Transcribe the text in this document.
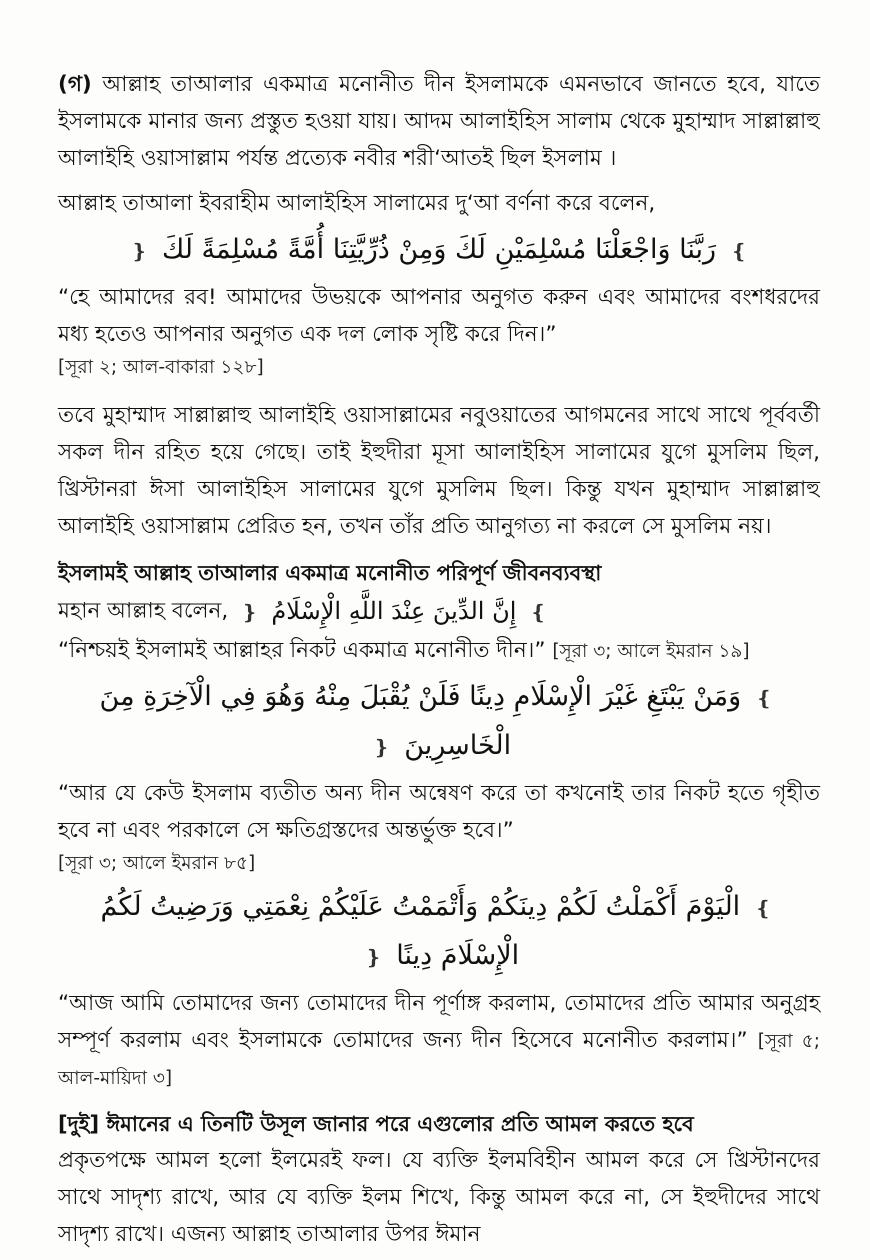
(গ) আল্লাহ তাআলার একমাত্র মনোনীত দীন ইসলামকে এমনভাবে জানতে হবে, যাতে ইসলামকে মানার জন্য প্রস্তুত হওয়া যায়। আদম আলাইহিস সালাম থেকে মুহাম্মাদ সাল্লাল্লাহু আলাইহি ওয়াসাল্লাম পর্যন্ত প্রত্যেক নবীর শরী‘আতই ছিল ইসলাম ।

আল্লাহ তাআলা ইবরাহীম আলাইহিস সালামের দু‘আ বর্ণনা করে বলেন,

❵ رَبَّنَا وَاجْعَلْنَا مُسْلِمَيْنِ لَكَ وَمِنْ ذُرِّيَّتِنَا أُمَّةً مُسْلِمَةً لَكَ ❴

“হে আমাদের রব! আমাদের উভয়কে আপনার অনুগত করুন এবং আমাদের বংশধরদের মধ্য হতেও আপনার অনুগত এক দল লোক সৃষ্টি করে দিন।”

[সূরা ২; আল-বাকারা ১২৮]

তবে মুহাম্মাদ সাল্লাল্লাহু আলাইহি ওয়াসাল্লামের নবুওয়াতের আগমনের সাথে সাথে পূর্ববর্তী সকল দীন রহিত হয়ে গেছে। তাই ইহুদীরা মূসা আলাইহিস সালামের যুগে মুসলিম ছিল, খ্রিস্টানরা ঈসা আলাইহিস সালামের যুগে মুসলিম ছিল। কিন্তু যখন মুহাম্মাদ সাল্লাল্লাহু আলাইহি ওয়াসাল্লাম প্রেরিত হন, তখন তাঁর প্রতি আনুগত্য না করলে সে মুসলিম নয়।

ইসলামই আল্লাহ তাআলার একমাত্র মনোনীত পরিপূর্ণ জীবনব্যবস্থা

মহান আল্লাহ বলেন,	❵ إِنَّ الدِّينَ عِنْدَ اللَّهِ الْإِسْلَامُ ❴

“নিশ্চয়ই ইসলামই আল্লাহর নিকট একমাত্র মনোনীত দীন।” [সূরা ৩; আলে ইমরান ১৯]

❵ وَمَنْ يَبْتَغِ غَيْرَ الْإِسْلَامِ دِينًا فَلَنْ يُقْبَلَ مِنْهُ وَهُوَ فِي الْآخِرَةِ مِنَ الْخَاسِرِينَ ❴

“আর যে কেউ ইসলাম ব্যতীত অন্য দীন অন্বেষণ করে তা কখনোই তার নিকট হতে গৃহীত হবে না এবং পরকালে সে ক্ষতিগ্রস্তদের অন্তর্ভুক্ত হবে।”

[সূরা ৩; আলে ইমরান ৮৫]

❵ الْيَوْمَ أَكْمَلْتُ لَكُمْ دِينَكُمْ وَأَتْمَمْتُ عَلَيْكُمْ نِعْمَتِي وَرَضِيتُ لَكُمُ الْإِسْلَامَ دِينًا ❴

“আজ আমি তোমাদের জন্য তোমাদের দীন পূর্ণাঙ্গ করলাম, তোমাদের প্রতি আমার অনুগ্রহ সম্পূর্ণ করলাম এবং ইসলামকে তোমাদের জন্য দীন হিসেবে মনোনীত করলাম।” [সূরা ৫; আল-মায়িদা ৩]

[দুই] ঈমানের এ তিনটি উসূল জানার পরে এগুলোর প্রতি আমল করতে হবে

প্রকৃতপক্ষে আমল হলো ইলমেরই ফল। যে ব্যক্তি ইলমবিহীন আমল করে সে খ্রিস্টানদের সাথে সাদৃশ্য রাখে, আর যে ব্যক্তি ইলম শিখে, কিন্তু আমল করে না, সে ইহুদীদের সাথে সাদৃশ্য রাখে। এজন্য আল্লাহ তাআলার উপর ঈমান
